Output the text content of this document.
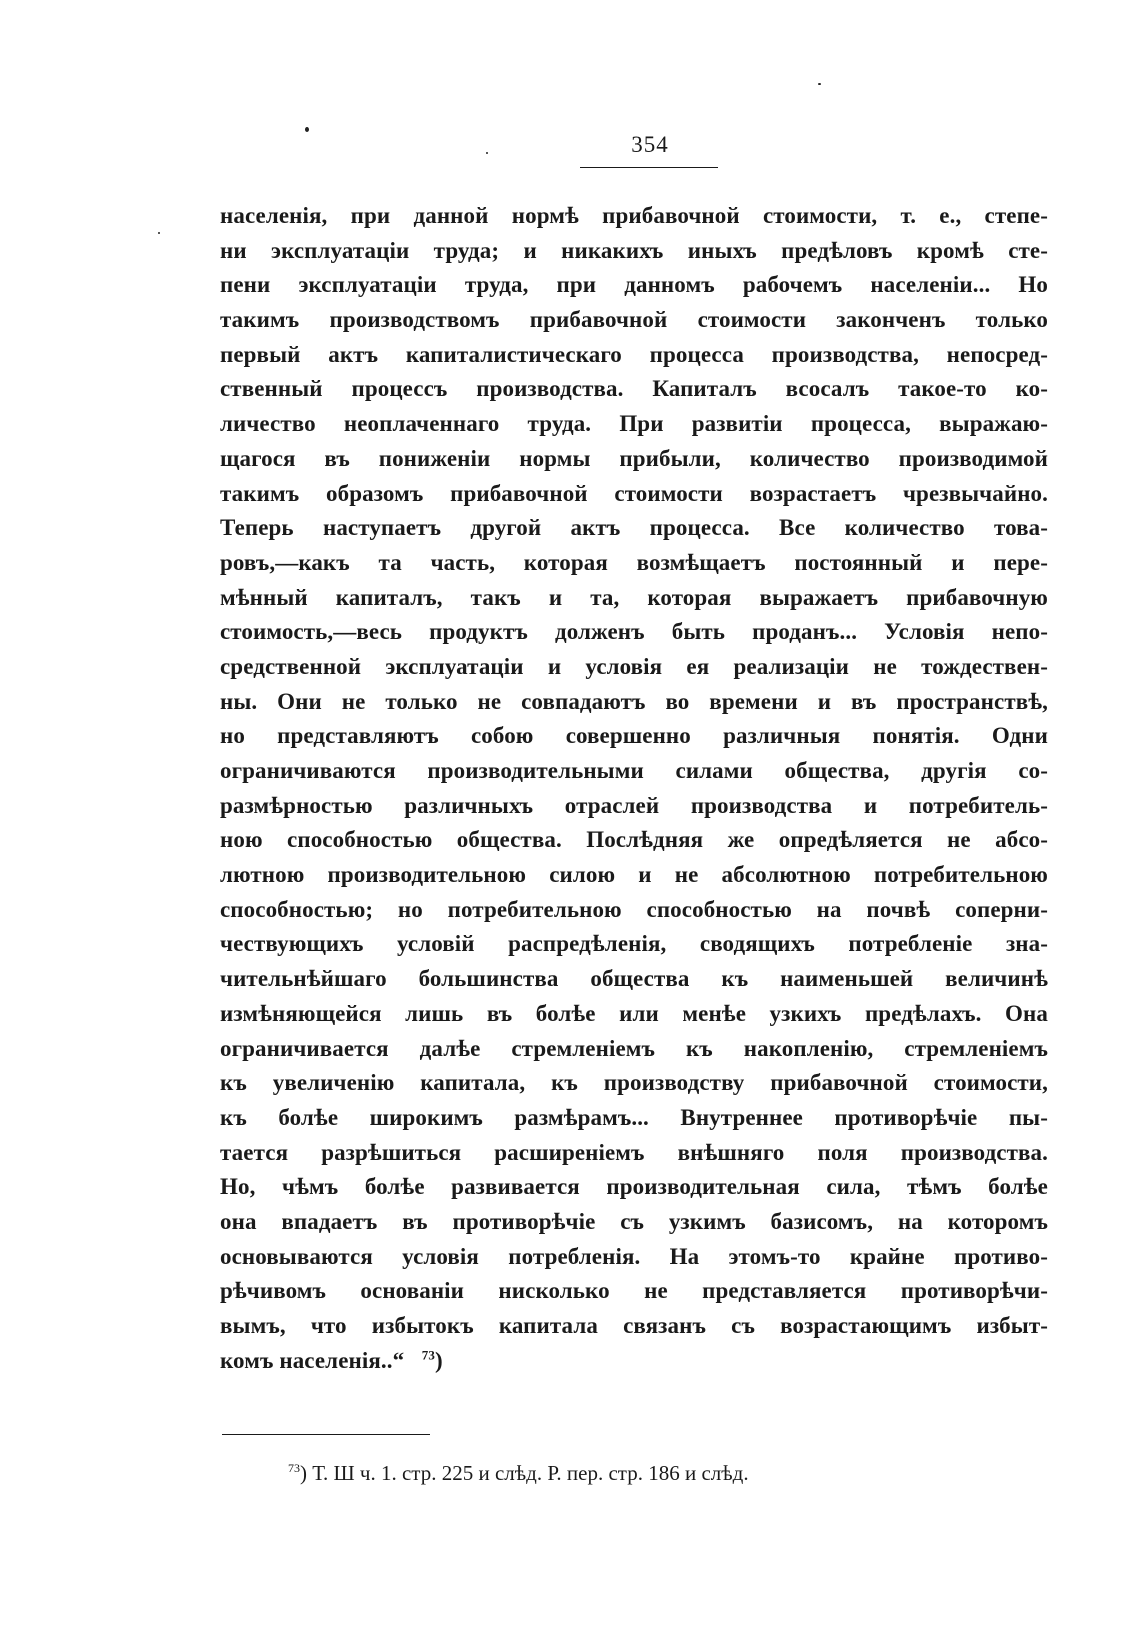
354
населенія, при данной нормѣ прибавочной стоимости, т. е., степе-
ни эксплуатаціи труда; и никакихъ иныхъ предѣловъ кромѣ сте-
пени эксплуатаціи труда, при данномъ рабочемъ населеніи... Но
такимъ производствомъ прибавочной стоимости законченъ только
первый актъ капиталистическаго процесса производства, непосред-
ственный процессъ производства. Капиталъ всосалъ такое-то ко-
личество неоплаченнаго труда. При развитіи процесса, выражаю-
щагося въ пониженіи нормы прибыли, количество производимой
такимъ образомъ прибавочной стоимости возрастаетъ чрезвычайно.
Теперь наступаетъ другой актъ процесса. Все количество това-
ровъ,—какъ та часть, которая возмѣщаетъ постоянный и пере-
мѣнный капиталъ, такъ и та, которая выражаетъ прибавочную
стоимость,—весь продуктъ долженъ быть проданъ... Условія непо-
средственной эксплуатаціи и условія ея реализаціи не тождествен-
ны. Они не только не совпадаютъ во времени и въ пространствѣ,
но представляютъ собою совершенно различныя понятія. Одни
ограничиваются производительными силами общества, другія со-
размѣрностью различныхъ отраслей производства и потребитель-
ною способностью общества. Послѣдняя же опредѣляется не абсо-
лютною производительною силою и не абсолютною потребительною
способностью; но потребительною способностью на почвѣ соперни-
чествующихъ условій распредѣленія, сводящихъ потребленіе зна-
чительнѣйшаго большинства общества къ наименьшей величинѣ
измѣняющейся лишь въ болѣе или менѣе узкихъ предѣлахъ. Она
ограничивается далѣе стремленіемъ къ накопленію, стремленіемъ
къ увеличенію капитала, къ производству прибавочной стоимости,
къ болѣе широкимъ размѣрамъ... Внутреннее противорѣчіе пы-
тается разрѣшиться расширеніемъ внѣшняго поля производства.
Но, чѣмъ болѣе развивается производительная сила, тѣмъ болѣе
она впадаетъ въ противорѣчіе съ узкимъ базисомъ, на которомъ
основываются условія потребленія. На этомъ-то крайне противо-
рѣчивомъ основаніи нисколько не представляется противорѣчи-
вымъ, что избытокъ капитала связанъ съ возрастающимъ избыт-
комъ населенія..“ $^{73}$)
$^{73}$) Т. Ш ч. 1. стр. 225 и слѣд. Р. пер. стр. 186 и слѣд.
